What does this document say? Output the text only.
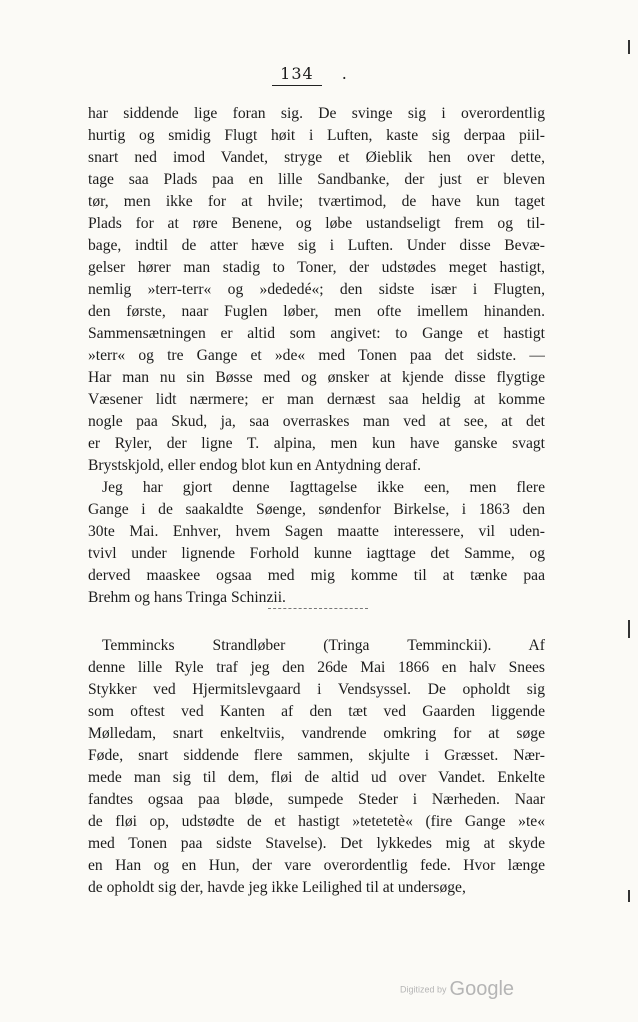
134 .
har siddende lige foran sig. De svinge sig i overordentlig
hurtig og smidig Flugt høit i Luften, kaste sig derpaa piil-
snart ned imod Vandet, stryge et Øieblik hen over dette,
tage saa Plads paa en lille Sandbanke, der just er bleven
tør, men ikke for at hvile; tværtimod, de have kun taget
Plads for at røre Benene, og løbe ustandseligt frem og til-
bage, indtil de atter hæve sig i Luften. Under disse Bevæ-
gelser hører man stadig to Toner, der udstødes meget hastigt,
nemlig »terr-terr« og »dededé«; den sidste især i Flugten,
den første, naar Fuglen løber, men ofte imellem hinanden.
Sammensætningen er altid som angivet: to Gange et hastigt
»terr« og tre Gange et »de« med Tonen paa det sidste. —
Har man nu sin Bøsse med og ønsker at kjende disse flygtige
Væsener lidt nærmere; er man dernæst saa heldig at komme
nogle paa Skud, ja, saa overraskes man ved at see, at det
er Ryler, der ligne T. alpina, men kun have ganske svagt
Brystskjold, eller endog blot kun en Antydning deraf.
Jeg har gjort denne Iagttagelse ikke een, men flere
Gange i de saakaldte Søenge, søndenfor Birkelse, i 1863 den
30te Mai. Enhver, hvem Sagen maatte interessere, vil uden-
tvivl under lignende Forhold kunne iagttage det Samme, og
derved maaskee ogsaa med mig komme til at tænke paa
Brehm og hans Tringa Schinzii.
Temmincks Strandløber (Tringa Temminckii). Af
denne lille Ryle traf jeg den 26de Mai 1866 en halv Snees
Stykker ved Hjermitslevgaard i Vendsyssel. De opholdt sig
som oftest ved Kanten af den tæt ved Gaarden liggende
Mølledam, snart enkeltviis, vandrende omkring for at søge
Føde, snart siddende flere sammen, skjulte i Græsset. Nær-
mede man sig til dem, fløi de altid ud over Vandet. Enkelte
fandtes ogsaa paa bløde, sumpede Steder i Nærheden. Naar
de fløi op, udstødte de et hastigt »tetetetè« (fire Gange »te«
med Tonen paa sidste Stavelse). Det lykkedes mig at skyde
en Han og en Hun, der vare overordentlig fede. Hvor længe
de opholdt sig der, havde jeg ikke Leilighed til at undersøge,
Digitized by Google
